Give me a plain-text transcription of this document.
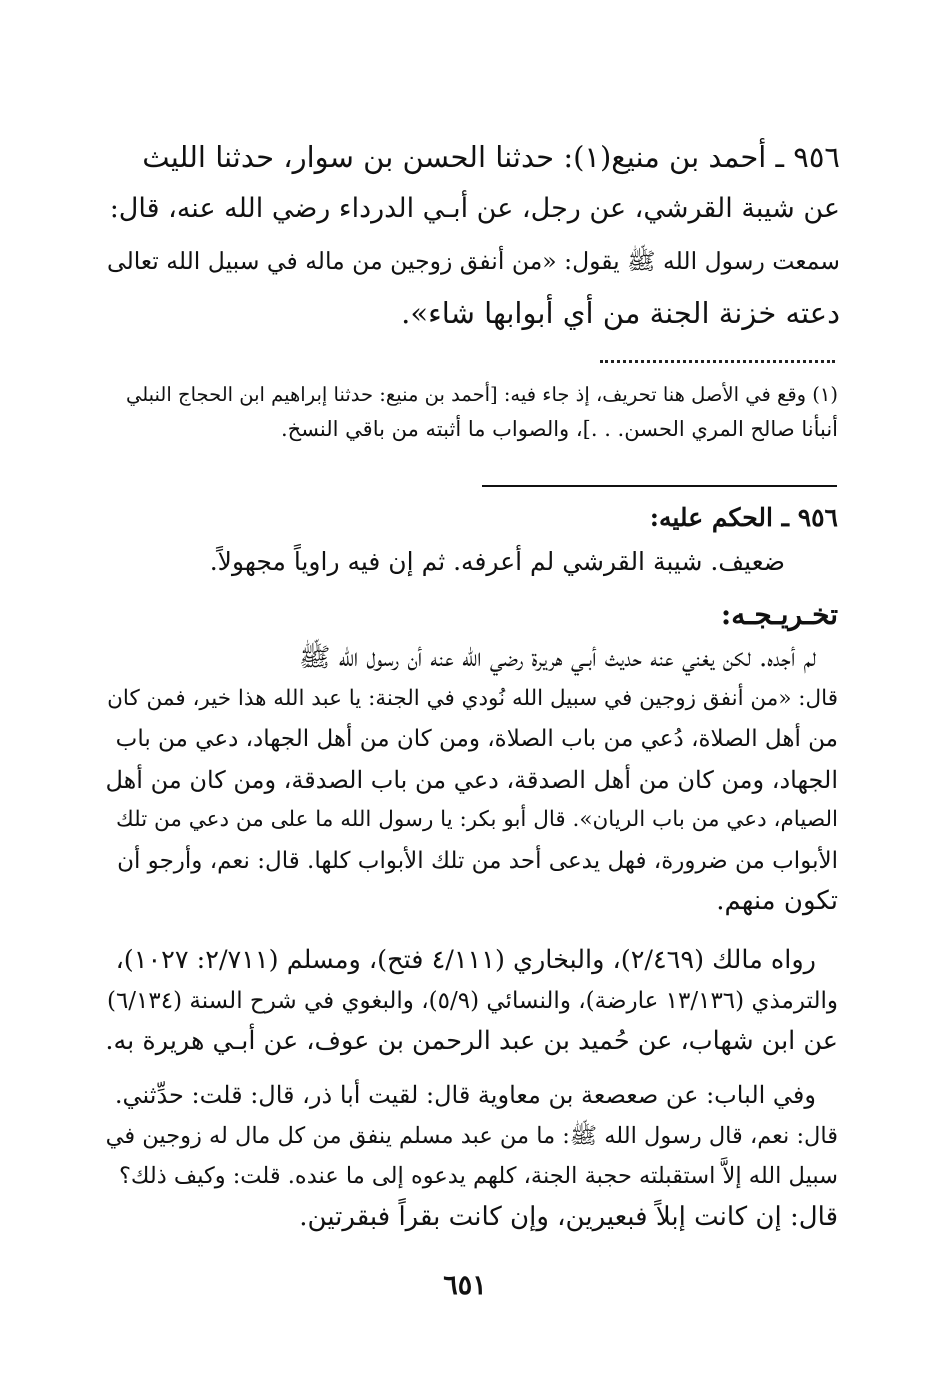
٩٥٦ ـ أحمد بن منيع(١): حدثنا الحسن بن سوار، حدثنا الليث
عن شيبة القرشي، عن رجل، عن أبـي الدرداء رضي الله عنه، قال:
سمعت رسول الله ﷺ يقول: «من أنفق زوجين من ماله في سبيل الله تعالى
دعته خزنة الجنة من أي أبوابها شاء».
(١) وقع في الأصل هنا تحريف، إذ جاء فيه: [أحمد بن منيع: حدثنا إبراهيم ابن الحجاج النبلي
أنبأنا صالح المري الحسن. . .]، والصواب ما أثبته من باقي النسخ.
٩٥٦ ـ الحكم عليه:
ضعيف. شيبة القرشي لم أعرفه. ثم إن فيه راوياً مجهولاً.
تخـريـجـه:
لم أجده. لكن يغني عنه حديث أبـي هريرة رضي الله عنه أن رسول الله ﷺ
قال: «من أنفق زوجين في سبيل الله نُودي في الجنة: يا عبد الله هذا خير، فمن كان
من أهل الصلاة، دُعي من باب الصلاة، ومن كان من أهل الجهاد، دعي من باب
الجهاد، ومن كان من أهل الصدقة، دعي من باب الصدقة، ومن كان من أهل
الصيام، دعي من باب الريان». قال أبو بكر: يا رسول الله ما على من دعي من تلك
الأبواب من ضرورة، فهل يدعى أحد من تلك الأبواب كلها. قال: نعم، وأرجو أن
تكون منهم.
رواه مالك (٢/٤٦٩)، والبخاري (٤/١١١ فتح)، ومسلم (٢/٧١١: ١٠٢٧)،
والترمذي (١٣/١٣٦ عارضة)، والنسائي (٥/٩)، والبغوي في شرح السنة (٦/١٣٤)
عن ابن شهاب، عن حُميد بن عبد الرحمن بن عوف، عن أبـي هريرة به.
وفي الباب: عن صعصعة بن معاوية قال: لقيت أبا ذر، قال: قلت: حدِّثني.
قال: نعم، قال رسول الله ﷺ: ما من عبد مسلم ينفق من كل مال له زوجين في
سبيل الله إلاَّ استقبلته حجبة الجنة، كلهم يدعوه إلى ما عنده. قلت: وكيف ذلك؟
قال: إن كانت إبلاً فبعيرين، وإن كانت بقراً فبقرتين.
٦٥١
